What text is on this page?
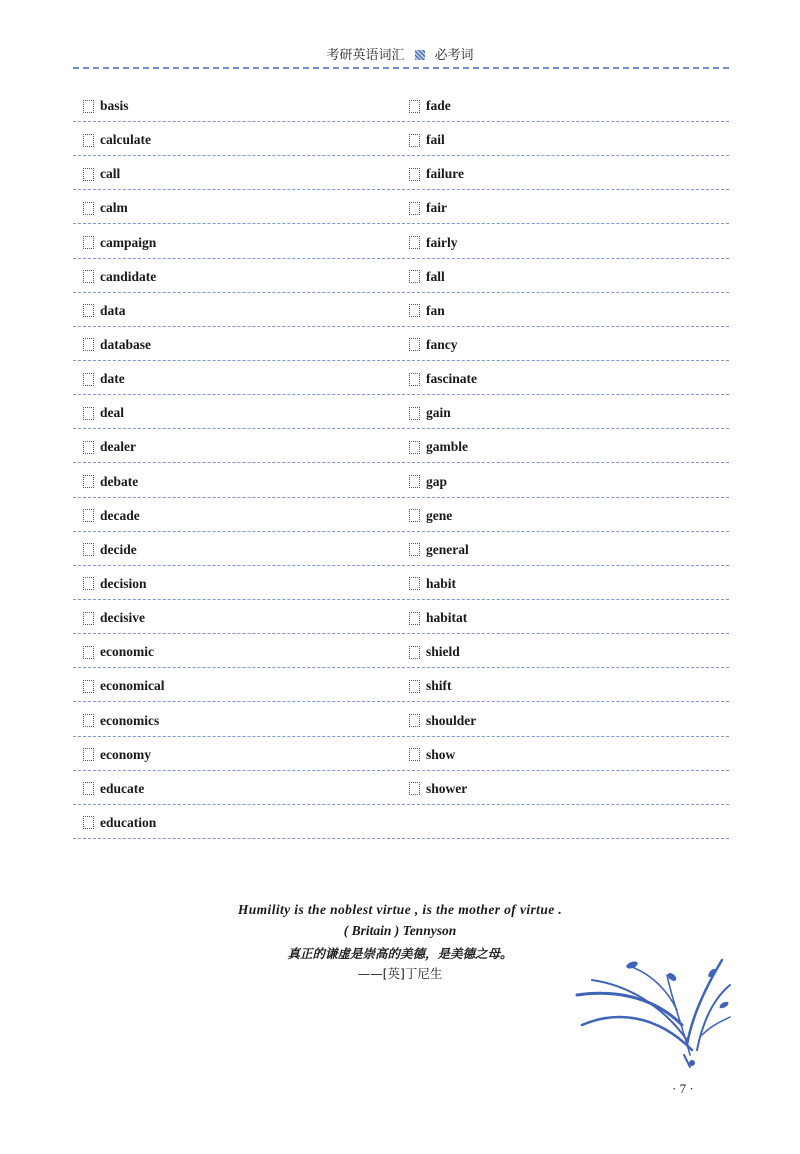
考研英语词汇 必考词
basis	fade
calculate	fail
call	failure
calm	fair
campaign	fairly
candidate	fall
data	fan
database	fancy
date	fascinate
deal	gain
dealer	gamble
debate	gap
decade	gene
decide	general
decision	habit
decisive	habitat
economic	shield
economical	shift
economics	shoulder
economy	show
educate	shower
education
Humility is the noblest virtue , is the mother of virtue .
( Britain ) Tennyson
真正的谦虚是崇高的美德，是美德之母。
——[英]丁尼生
· 7 ·
